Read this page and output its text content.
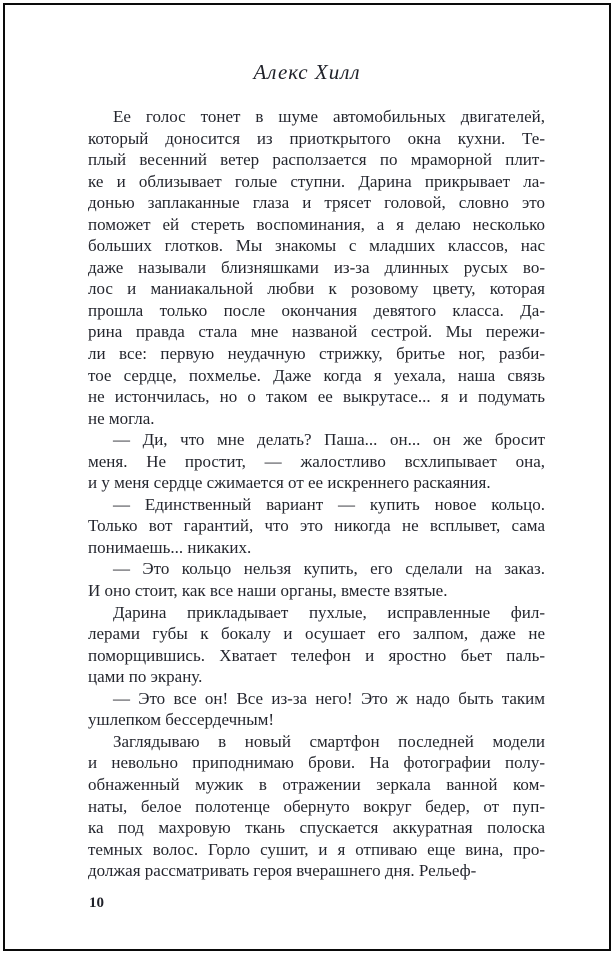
Алекс Хилл
Ее голос тонет в шуме автомобильных двигателей,
который доносится из приоткрытого окна кухни. Те-
плый весенний ветер расползается по мраморной плит-
ке и облизывает голые ступни. Дарина прикрывает ла-
донью заплаканные глаза и трясет головой, словно это
поможет ей стереть воспоминания, а я делаю несколько
больших глотков. Мы знакомы с младших классов, нас
даже называли близняшками из-за длинных русых во-
лос и маниакальной любви к розовому цвету, которая
прошла только после окончания девятого класса. Да-
рина правда стала мне названой сестрой. Мы пережи-
ли все: первую неудачную стрижку, бритье ног, разби-
тое сердце, похмелье. Даже когда я уехала, наша связь
не истончилась, но о таком ее выкрутасе... я и подумать
не могла.
— Ди, что мне делать? Паша... он... он же бросит
меня. Не простит, — жалостливо всхлипывает она,
и у меня сердце сжимается от ее искреннего раскаяния.
— Единственный вариант — купить новое кольцо.
Только вот гарантий, что это никогда не всплывет, сама
понимаешь... никаких.
— Это кольцо нельзя купить, его сделали на заказ.
И оно стоит, как все наши органы, вместе взятые.
Дарина прикладывает пухлые, исправленные фил-
лерами губы к бокалу и осушает его залпом, даже не
поморщившись. Хватает телефон и яростно бьет паль-
цами по экрану.
— Это все он! Все из-за него! Это ж надо быть таким
ушлепком бессердечным!
Заглядываю в новый смартфон последней модели
и невольно приподнимаю брови. На фотографии полу-
обнаженный мужик в отражении зеркала ванной ком-
наты, белое полотенце обернуто вокруг бедер, от пуп-
ка под махровую ткань спускается аккуратная полоска
темных волос. Горло сушит, и я отпиваю еще вина, про-
должая рассматривать героя вчерашнего дня. Рельеф-
10
